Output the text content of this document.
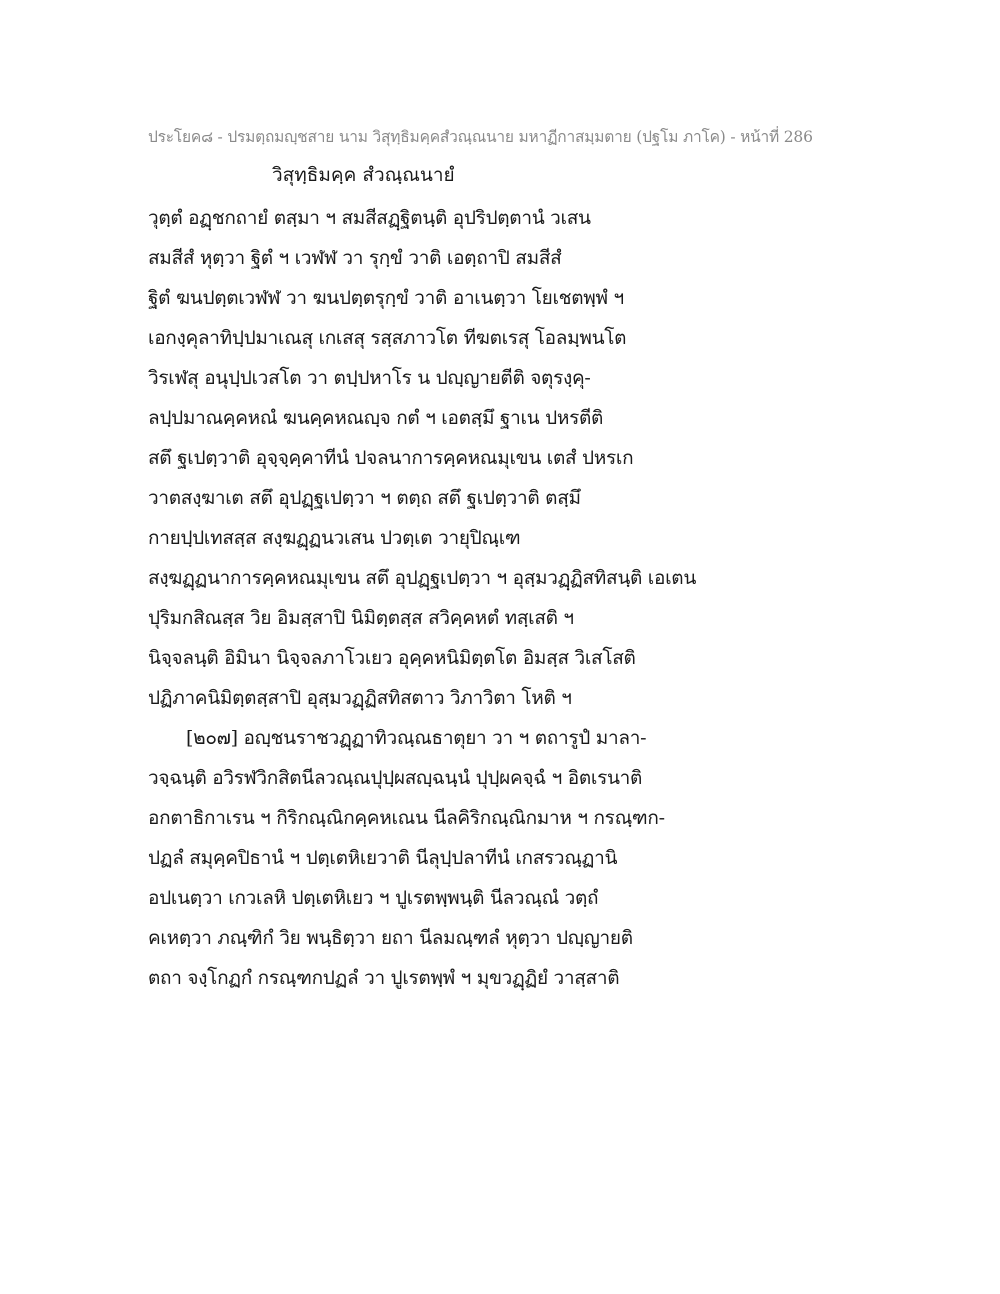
ประโยค๘ - ปรมตฺถมญฺชสาย นาม วิสุทฺธิมคฺคสํวณฺณนาย มหาฏีกาสมฺมตาย (ปฐโม ภาโค) - หน้าที่ 286
วิสุทฺธิมคฺค สํวณฺณนายํ
วุตฺตํ อฏฺชกถายํ ตสฺมา ฯ สมสีสฏฺฐิตนฺติ อุปริปตฺตานํ วเสน
สมสีสํ หุตฺวา ฐิตํ ฯ เวฬฬ วา รุกฺขํ วาติ เอตฺถาปิ สมสีสํ
ฐิตํ ฆนปตฺตเวฬฬ วา ฆนปตฺตรุกฺขํ วาติ อาเนตฺวา โยเชตพฺพํ ฯ
เอกงฺคุลาทิปฺปมาเณสุ เกเสสุ รสฺสภาวโต ทีฆตเรสุ โอลมฺพนโต
วิรเฬสุ อนุปฺปเวสโต วา ตปฺปหาโร น ปญฺญายตีติ จตุรงฺคุ-
ลปฺปมาณคฺคหณํ ฆนคฺคหณญฺจ กตํ ฯ เอตสฺมึ ฐาเน ปหรตีติ
สตึ ฐเปตฺวาติ อุจฺจฺคฺคาทีนํ ปจลนาการคฺคหณมุเขน เตสํ ปหรเก
วาตสงฺฆาเต สตึ อุปฏฺฐเปตฺวา ฯ ตตฺถ สตึ ฐเปตฺวาติ ตสฺมึ
กายปฺปเทสสฺส สงฺฆฏฺฏนวเสน ปวตฺเต วายุปิณฺเฑ
สงฺฆฏฺฏนาการคฺคหณมุเขน สตึ อุปฏฺฐเปตฺวา ฯ อุสฺมวฏฺฏิสทิสนฺติ เอเตน
ปุริมกสิณสฺส วิย อิมสฺสาปิ นิมิตฺตสฺส สวิคฺคหตํ ทสฺเสติ ฯ
นิจฺจลนฺติ อิมินา นิจฺจลภาโวเยว อุคฺคหนิมิตฺตโต อิมสฺส วิเสโสติ
ปฏิภาคนิมิตฺตสฺสาปิ อุสฺมวฏฺฏิสทิสตาว วิภาวิตา โหติ ฯ
[๒๐๗] อญฺชนราชวฏฺฏาทิวณฺณธาตุยา วา ฯ ตถารูปํ มาลา-
วจฺฉนฺติ อวิรฬวิกสิตนีลวณฺณปุปฺผสญฺฉนฺนํ ปุปฺผคจฺฉํ ฯ อิตเรนาติ
อกตาธิกาเรน ฯ กิริกณฺณิกคฺคหเณน นีลคิริกณฺณิกมาห ฯ กรณฺฑก-
ปฏลํ สมุคฺคปิธานํ ฯ ปตฺเตหิเยวาติ นีลุปฺปลาทีนํ เกสรวณฺฏานิ
อปเนตฺวา เกวเลหิ ปตฺเตหิเยว ฯ ปูเรตพฺพนฺติ นีลวณฺณํ วตฺถํ
คเหตฺวา ภณฺฑิกํ วิย พนฺธิตฺวา ยถา นีลมณฺฑลํ หุตฺวา ปญฺญายติ
ตถา จงฺโกฏกํ กรณฺฑกปฏลํ วา ปูเรตพฺพํ ฯ มุขวฏฺฏิยํ วาสฺสาติ
